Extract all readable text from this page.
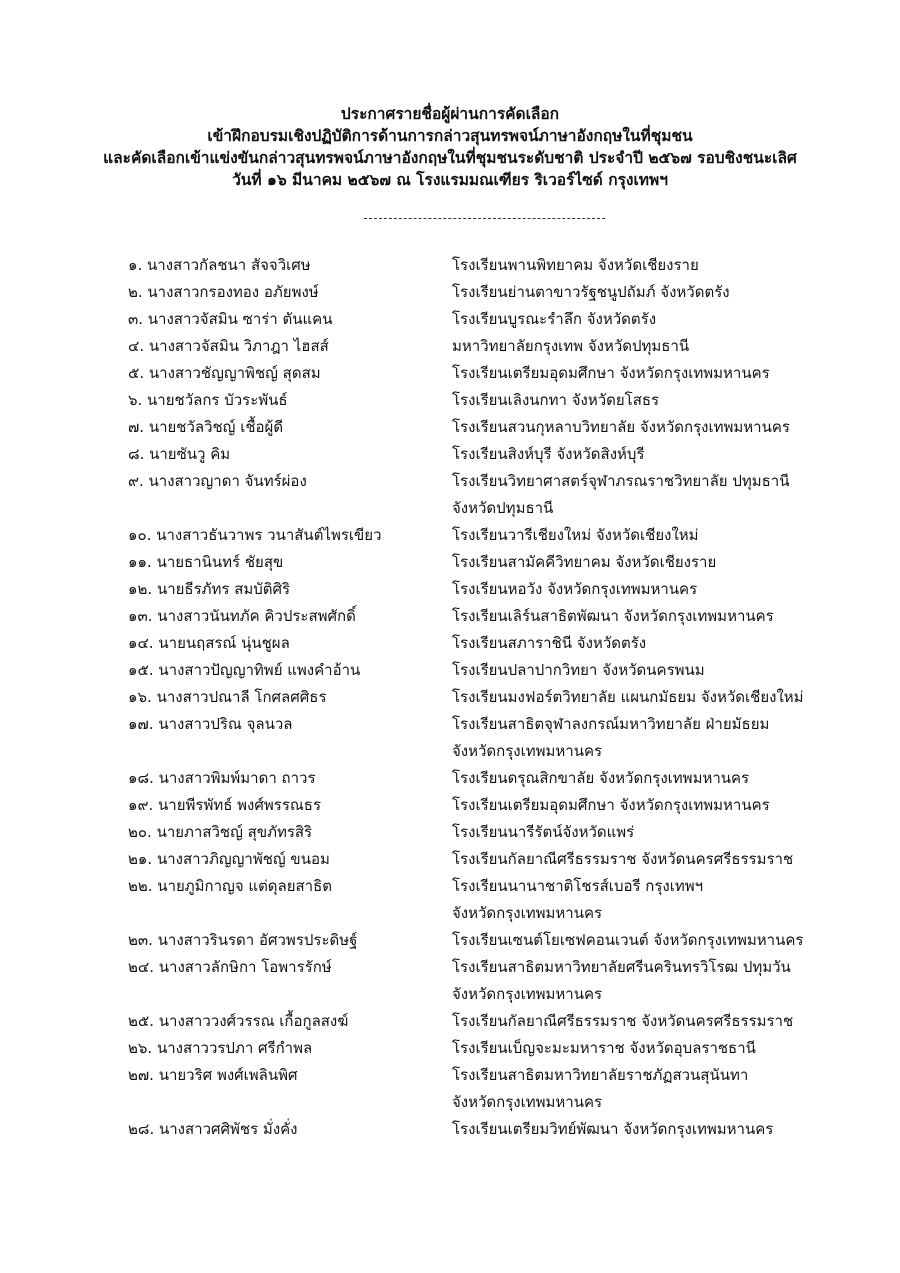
ประกาศรายชื่อผู้ผ่านการคัดเลือก
เข้าฝึกอบรมเชิงปฏิบัติการด้านการกล่าวสุนทรพจน์ภาษาอังกฤษในที่ชุมชน
และคัดเลือกเข้าแข่งขันกล่าวสุนทรพจน์ภาษาอังกฤษในที่ชุมชนระดับชาติ ประจำปี ๒๕๖๗ รอบชิงชนะเลิศ
วันที่ ๑๖ มีนาคม ๒๕๖๗ ณ โรงแรมมณเฑียร ริเวอร์ไซด์ กรุงเทพฯ
๑. นางสาวกัลชนา สัจจวิเศษ	โรงเรียนพานพิทยาคม จังหวัดเชียงราย
๒. นางสาวกรองทอง อภัยพงษ์	โรงเรียนย่านตาขาวรัฐชนูปถัมภ์ จังหวัดตรัง
๓. นางสาวจัสมิน ซาร่า ตันแคน	โรงเรียนบูรณะรำลึก จังหวัดตรัง
๔. นางสาวจัสมิน วิภาฎา ไฮสส์	มหาวิทยาลัยกรุงเทพ จังหวัดปทุมธานี
๕. นางสาวชัญญาพิชญ์ สุดสม	โรงเรียนเตรียมอุดมศึกษา จังหวัดกรุงเทพมหานคร
๖. นายชวัลกร บัวระพันธ์	โรงเรียนเลิงนกทา จังหวัดยโสธร
๗. นายชวัลวิชญ์ เชื้อผู้ดี	โรงเรียนสวนกุหลาบวิทยาลัย จังหวัดกรุงเทพมหานคร
๘. นายซันวู คิม	โรงเรียนสิงห์บุรี จังหวัดสิงห์บุรี
๙. นางสาวญาดา จันทร์ผ่อง	โรงเรียนวิทยาศาสตร์จุฬาภรณราชวิทยาลัย ปทุมธานี
จังหวัดปทุมธานี
๑๐. นางสาวธันวาพร วนาสันต์ไพรเขียว	โรงเรียนวารีเชียงใหม่ จังหวัดเชียงใหม่
๑๑. นายธานินทร์ ชัยสุข	โรงเรียนสามัคคีวิทยาคม จังหวัดเชียงราย
๑๒. นายธีรภัทร สมบัติศิริ	โรงเรียนหอวัง จังหวัดกรุงเทพมหานคร
๑๓. นางสาวนันทภัค คิวประสพศักดิ์	โรงเรียนเลิร์นสาธิตพัฒนา จังหวัดกรุงเทพมหานคร
๑๔. นายนฤสรณ์ นุ่นชูผล	โรงเรียนสภาราชินี จังหวัดตรัง
๑๕. นางสาวปัญญาทิพย์ แพงคำอ้าน	โรงเรียนปลาปากวิทยา จังหวัดนครพนม
๑๖. นางสาวปณาลี โกศลศศิธร	โรงเรียนมงฟอร์ตวิทยาลัย แผนกมัธยม จังหวัดเชียงใหม่
๑๗. นางสาวปริณ จุลนวล	โรงเรียนสาธิตจุฬาลงกรณ์มหาวิทยาลัย ฝ่ายมัธยม
จังหวัดกรุงเทพมหานคร
๑๘. นางสาวพิมพ์มาดา ถาวร	โรงเรียนดรุณสิกขาลัย จังหวัดกรุงเทพมหานคร
๑๙. นายพีรพัทธ์ พงศ์พรรณธร	โรงเรียนเตรียมอุดมศึกษา จังหวัดกรุงเทพมหานคร
๒๐. นายภาสวิชญ์ สุขภัทรสิริ	โรงเรียนนารีรัตน์จังหวัดแพร่
๒๑. นางสาวภิญญาพัชญ์ ขนอม	โรงเรียนกัลยาณีศรีธรรมราช จังหวัดนครศรีธรรมราช
๒๒. นายภูมิกาญจ แต่ดุลยสาธิต	โรงเรียนนานาชาติโชรส์เบอรี กรุงเทพฯ
จังหวัดกรุงเทพมหานคร
๒๓. นางสาวรินรดา อัศวพรประดิษฐ์	โรงเรียนเซนต์โยเซฟคอนเวนต์ จังหวัดกรุงเทพมหานคร
๒๔. นางสาวลักษิกา โอพารรักษ์	โรงเรียนสาธิตมหาวิทยาลัยศรีนครินทรวิโรฒ ปทุมวัน
จังหวัดกรุงเทพมหานคร
๒๕. นางสาววงศ์วรรณ เกื้อกูลสงฆ์	โรงเรียนกัลยาณีศรีธรรมราช จังหวัดนครศรีธรรมราช
๒๖. นางสาววรปภา ศรีกำพล	โรงเรียนเบ็ญจะมะมหาราช จังหวัดอุบลราชธานี
๒๗. นายวริศ พงศ์เพลินพิศ	โรงเรียนสาธิตมหาวิทยาลัยราชภัฏสวนสุนันทา
จังหวัดกรุงเทพมหานคร
๒๘. นางสาวศศิพัชร มั่งคั่ง	โรงเรียนเตรียมวิทย์พัฒนา จังหวัดกรุงเทพมหานคร
